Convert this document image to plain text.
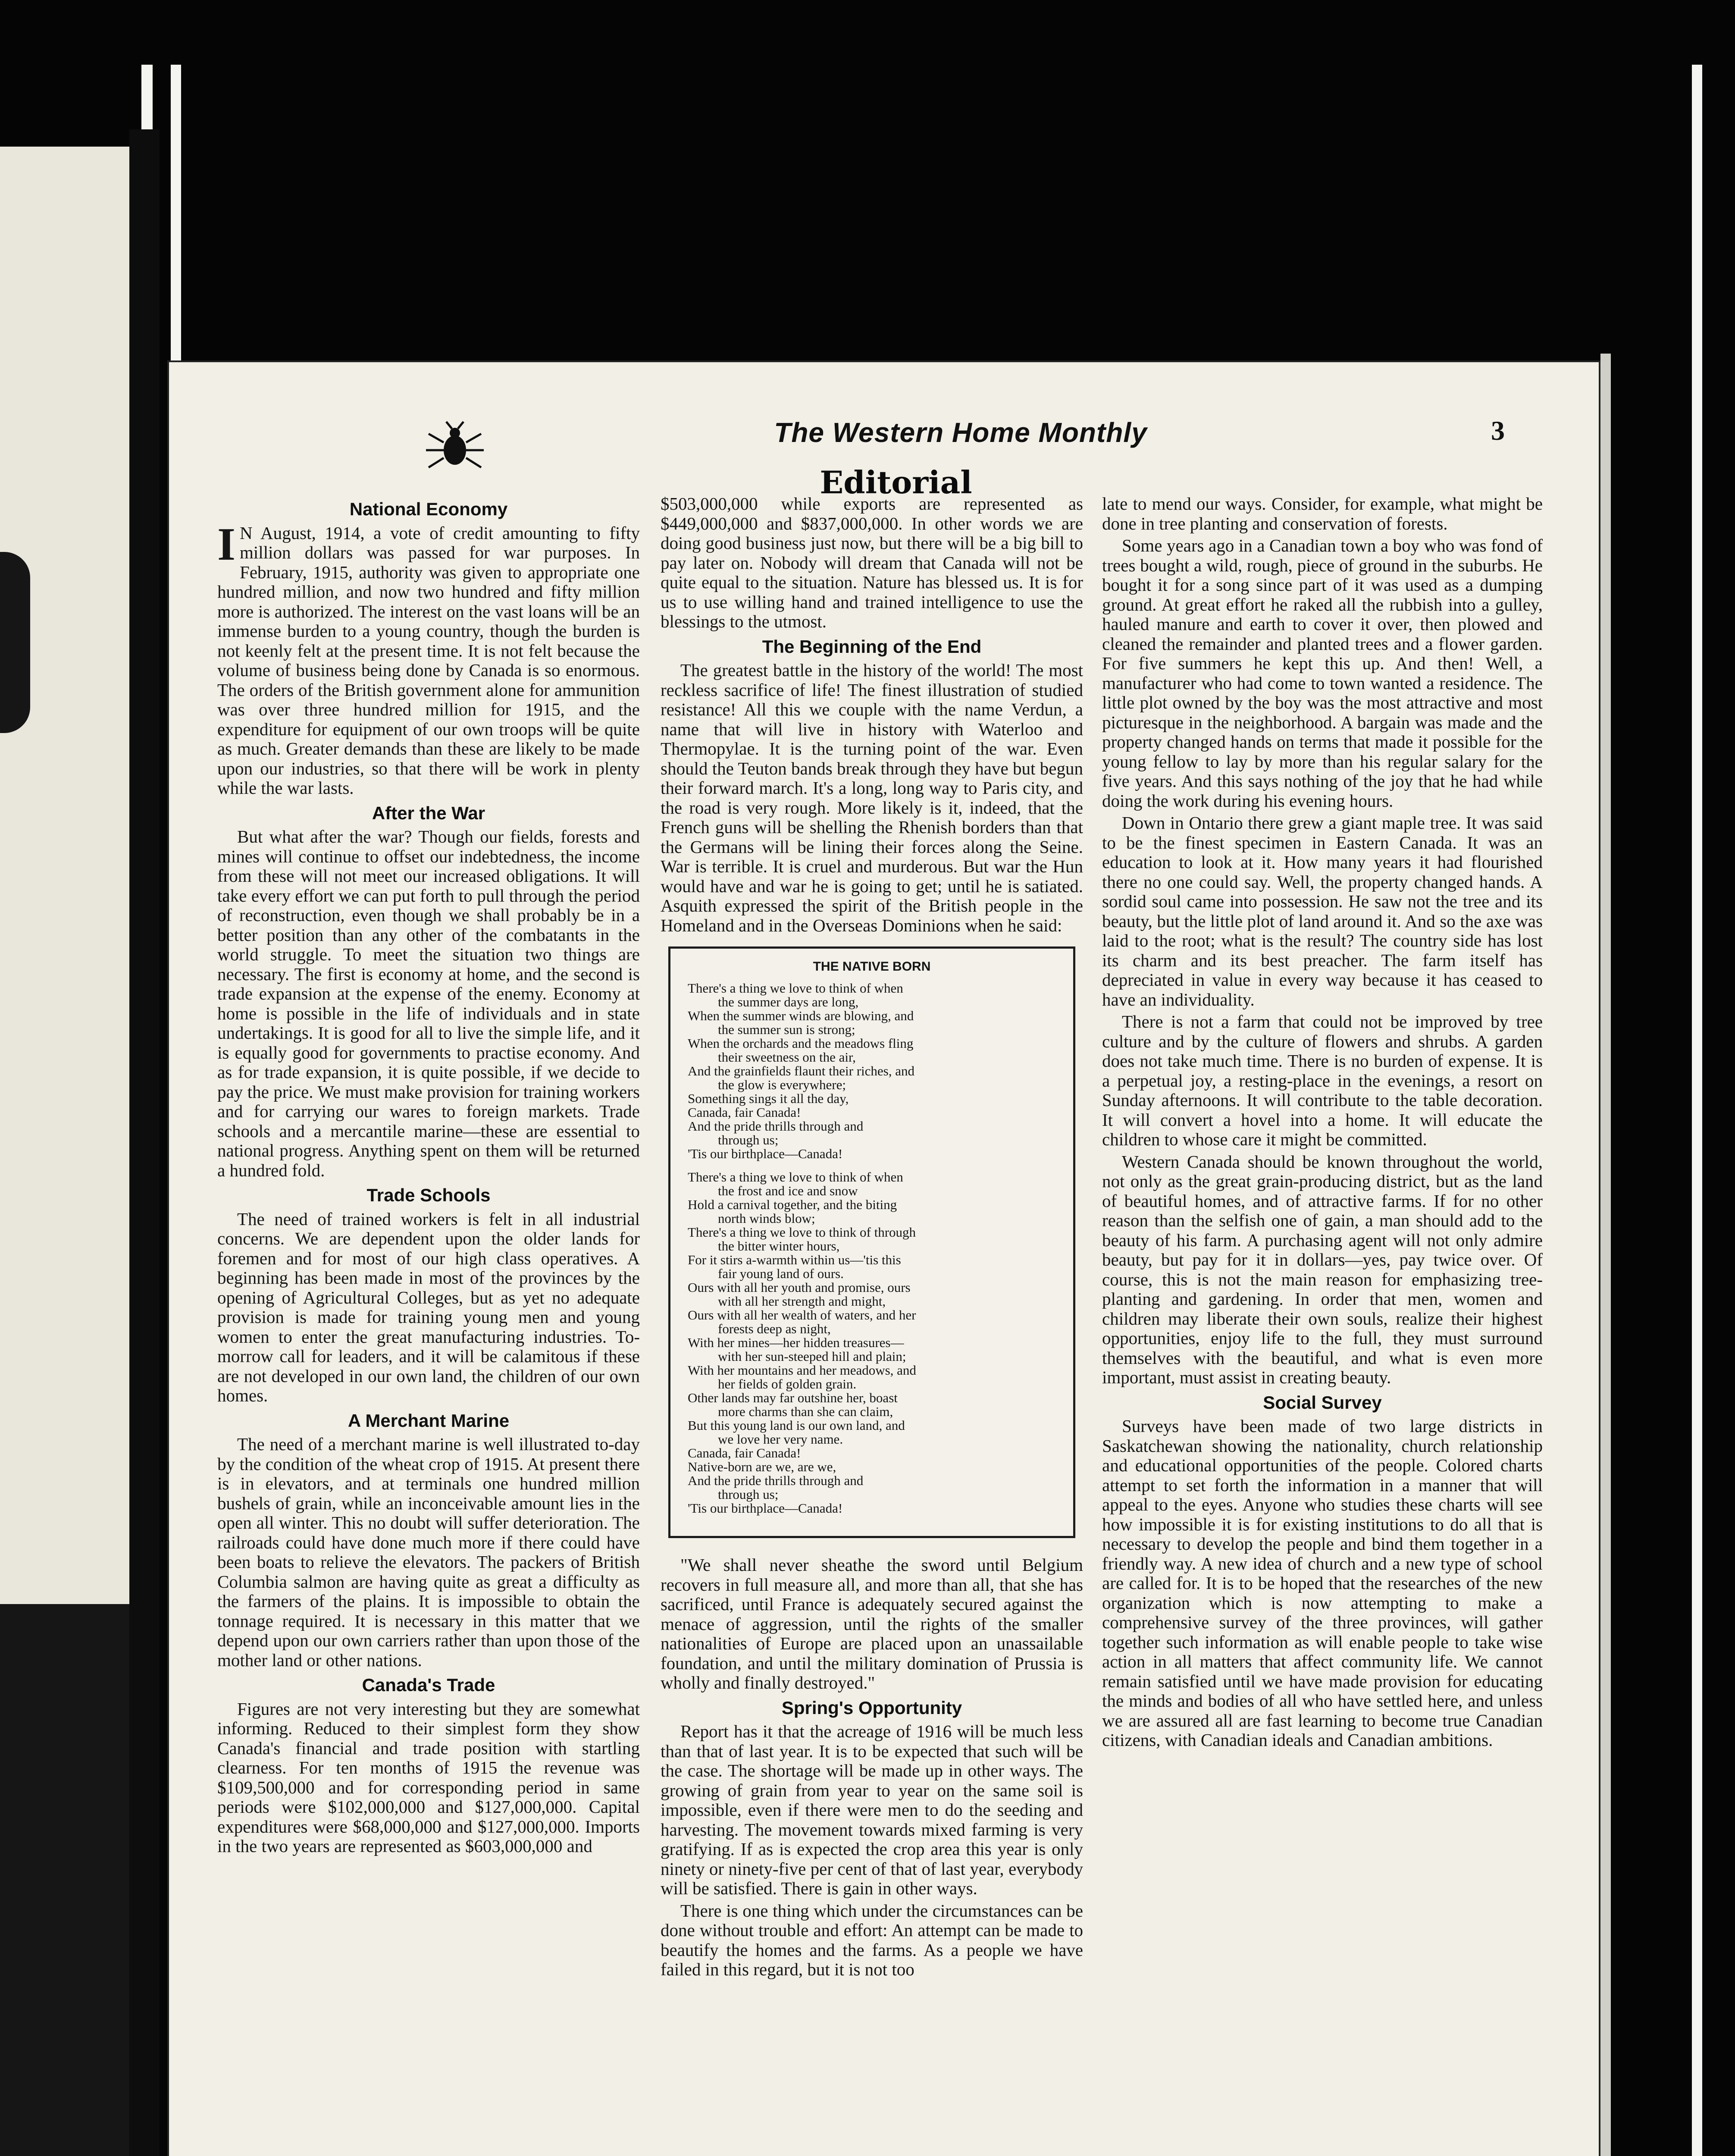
The Western Home Monthly	3
Editorial
National Economy

I N August, 1914, a vote of credit amounting to fifty million dollars was passed for war purposes. In February, 1915, authority was given to appropriate one hundred million, and now two hundred and fifty million more is authorized. The interest on the vast loans will be an immense burden to a young country, though the burden is not keenly felt at the present time. It is not felt because the volume of business being done by Canada is so enormous. The orders of the British government alone for ammunition was over three hundred million for 1915, and the expenditure for equipment of our own troops will be quite as much. Greater demands than these are likely to be made upon our industries, so that there will be work in plenty while the war lasts.

After the War

But what after the war? Though our fields, forests and mines will continue to offset our indebtedness, the income from these will not meet our increased obligations. It will take every effort we can put forth to pull through the period of reconstruction, even though we shall probably be in a better position than any other of the combatants in the world struggle. To meet the situation two things are necessary. The first is economy at home, and the second is trade expansion at the expense of the enemy. Economy at home is possible in the life of individuals and in state undertakings. It is good for all to live the simple life, and it is equally good for governments to practise economy. And as for trade expansion, it is quite possible, if we decide to pay the price. We must make provision for training workers and for carrying our wares to foreign markets. Trade schools and a mercantile marine—these are essential to national progress. Anything spent on them will be returned a hundred fold.

Trade Schools

The need of trained workers is felt in all industrial concerns. We are dependent upon the older lands for foremen and for most of our high class operatives. A beginning has been made in most of the provinces by the opening of Agricultural Colleges, but as yet no adequate provision is made for training young men and young women to enter the great manufacturing industries. To-morrow call for leaders, and it will be calamitous if these are not developed in our own land, the children of our own homes.

A Merchant Marine

The need of a merchant marine is well illustrated to-day by the condition of the wheat crop of 1915. At present there is in elevators, and at terminals one hundred million bushels of grain, while an inconceivable amount lies in the open all winter. This no doubt will suffer deterioration. The railroads could have done much more if there could have been boats to relieve the elevators. The packers of British Columbia salmon are having quite as great a difficulty as the farmers of the plains. It is impossible to obtain the tonnage required. It is necessary in this matter that we depend upon our own carriers rather than upon those of the mother land or other nations.

Canada's Trade

Figures are not very interesting but they are somewhat informing. Reduced to their simplest form they show Canada's financial and trade position with startling clearness. For ten months of 1915 the revenue was $109,500,000 and for corresponding period in same periods were $102,000,000 and $127,000,000. Capital expenditures were $68,000,000 and $127,000,000. Imports in the two years are represented as $603,000,000 and

$503,000,000 while exports are represented as $449,000,000 and $837,000,000. In other words we are doing good business just now, but there will be a big bill to pay later on. Nobody will dream that Canada will not be quite equal to the situation. Nature has blessed us. It is for us to use willing hand and trained intelligence to use the blessings to the utmost.

The Beginning of the End

The greatest battle in the history of the world! The most reckless sacrifice of life! The finest illustration of studied resistance! All this we couple with the name Verdun, a name that will live in history with Waterloo and Thermopylae. It is the turning point of the war. Even should the Teuton bands break through they have but begun their forward march. It's a long, long way to Paris city, and the road is very rough. More likely is it, indeed, that the French guns will be shelling the Rhenish borders than that the Germans will be lining their forces along the Seine. War is terrible. It is cruel and murderous. But war the Hun would have and war he is going to get; until he is satiated. Asquith expressed the spirit of the British people in the Homeland and in the Overseas Dominions when he said:

THE NATIVE BORN
There's a thing we love to think of when
the summer days are long,
When the summer winds are blowing, and
the summer sun is strong;
When the orchards and the meadows fling
their sweetness on the air,
And the grainfields flaunt their riches, and
the glow is everywhere;
Something sings it all the day,
Canada, fair Canada!
And the pride thrills through and
through us;
'Tis our birthplace—Canada!
There's a thing we love to think of when
the frost and ice and snow
Hold a carnival together, and the biting
north winds blow;
There's a thing we love to think of through
the bitter winter hours,
For it stirs a-warmth within us—'tis this
fair young land of ours.
Ours with all her youth and promise, ours
with all her strength and might,
Ours with all her wealth of waters, and her
forests deep as night,
With her mines—her hidden treasures—
with her sun-steeped hill and plain;
With her mountains and her meadows, and
her fields of golden grain.
Other lands may far outshine her, boast
more charms than she can claim,
But this young land is our own land, and
we love her very name.
Canada, fair Canada!
Native-born are we, are we,
And the pride thrills through and
through us;
'Tis our birthplace—Canada!

"We shall never sheathe the sword until Belgium recovers in full measure all, and more than all, that she has sacrificed, until France is adequately secured against the menace of aggression, until the rights of the smaller nationalities of Europe are placed upon an unassailable foundation, and until the military domination of Prussia is wholly and finally destroyed."

Spring's Opportunity

Report has it that the acreage of 1916 will be much less than that of last year. It is to be expected that such will be the case. The shortage will be made up in other ways. The growing of grain from year to year on the same soil is impossible, even if there were men to do the seeding and harvesting. The movement towards mixed farming is very gratifying. If as is expected the crop area this year is only ninety or ninety-five per cent of that of last year, everybody will be satisfied. There is gain in other ways.

There is one thing which under the circumstances can be done without trouble and effort: An attempt can be made to beautify the homes and the farms. As a people we have failed in this regard, but it is not too

late to mend our ways. Consider, for example, what might be done in tree planting and conservation of forests.

Some years ago in a Canadian town a boy who was fond of trees bought a wild, rough, piece of ground in the suburbs. He bought it for a song since part of it was used as a dumping ground. At great effort he raked all the rubbish into a gulley, hauled manure and earth to cover it over, then plowed and cleaned the remainder and planted trees and a flower garden. For five summers he kept this up. And then! Well, a manufacturer who had come to town wanted a residence. The little plot owned by the boy was the most attractive and most picturesque in the neighborhood. A bargain was made and the property changed hands on terms that made it possible for the young fellow to lay by more than his regular salary for the five years. And this says nothing of the joy that he had while doing the work during his evening hours.

Down in Ontario there grew a giant maple tree. It was said to be the finest specimen in Eastern Canada. It was an education to look at it. How many years it had flourished there no one could say. Well, the property changed hands. A sordid soul came into possession. He saw not the tree and its beauty, but the little plot of land around it. And so the axe was laid to the root; what is the result? The country side has lost its charm and its best preacher. The farm itself has depreciated in value in every way because it has ceased to have an individuality.

There is not a farm that could not be improved by tree culture and by the culture of flowers and shrubs. A garden does not take much time. There is no burden of expense. It is a perpetual joy, a resting-place in the evenings, a resort on Sunday afternoons. It will contribute to the table decoration. It will convert a hovel into a home. It will educate the children to whose care it might be committed.

Western Canada should be known throughout the world, not only as the great grain-producing district, but as the land of beautiful homes, and of attractive farms. If for no other reason than the selfish one of gain, a man should add to the beauty of his farm. A purchasing agent will not only admire beauty, but pay for it in dollars—yes, pay twice over. Of course, this is not the main reason for emphasizing tree-planting and gardening. In order that men, women and children may liberate their own souls, realize their highest opportunities, enjoy life to the full, they must surround themselves with the beautiful, and what is even more important, must assist in creating beauty.

Social Survey

Surveys have been made of two large districts in Saskatchewan showing the nationality, church relationship and educational opportunities of the people. Colored charts attempt to set forth the information in a manner that will appeal to the eyes. Anyone who studies these charts will see how impossible it is for existing institutions to do all that is necessary to develop the people and bind them together in a friendly way. A new idea of church and a new type of school are called for. It is to be hoped that the researches of the new organization which is now attempting to make a comprehensive survey of the three provinces, will gather together such information as will enable people to take wise action in all matters that affect community life. We cannot remain satisfied until we have made provision for educating the minds and bodies of all who have settled here, and unless we are assured all are fast learning to become true Canadian citizens, with Canadian ideals and Canadian ambitions.
